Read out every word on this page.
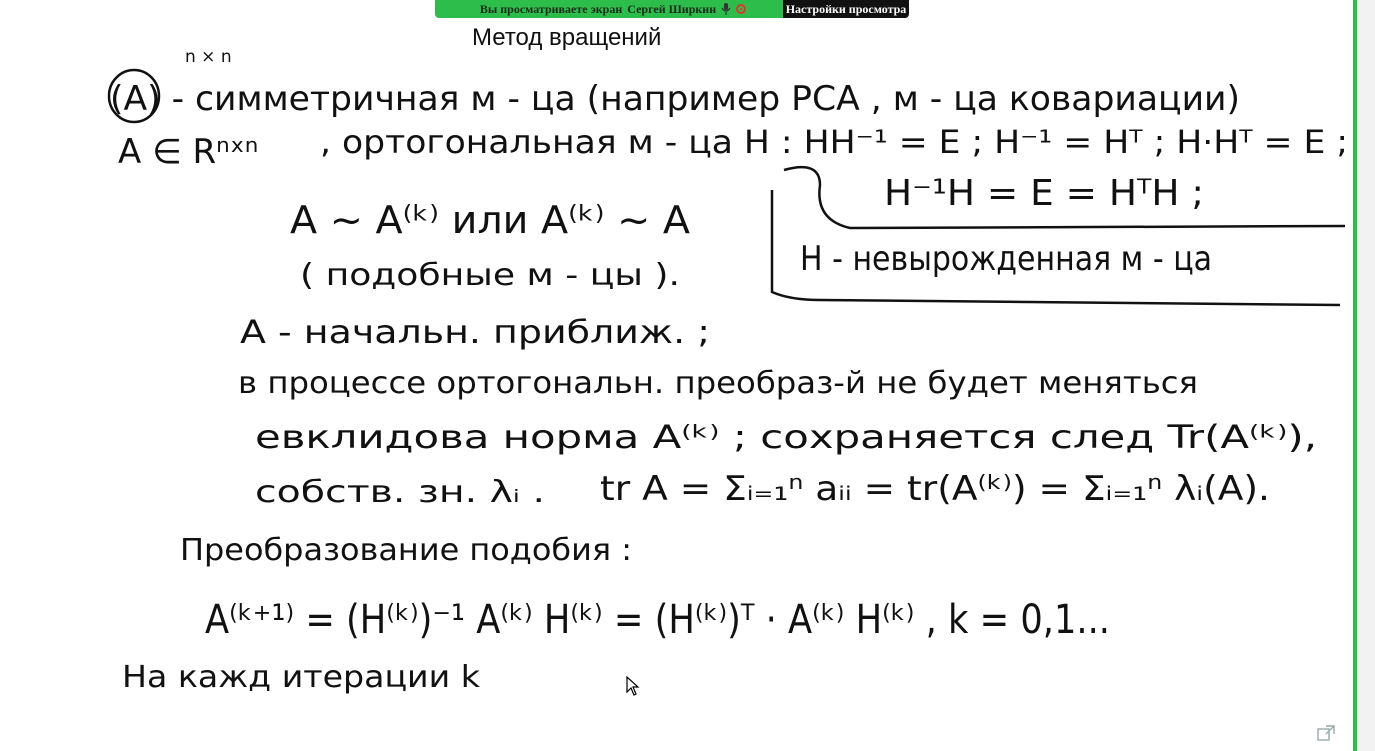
Вы просматриваете экран Сергей Ширкин	Настройки просмотра
Метод вращений
n × n
(A) - симметричная м - ца (например PCA , м - ца ковариации)
A ∈ Rⁿˣⁿ , ортогональная м - ца H : HH⁻¹ = E ; H⁻¹ = Hᵀ ; H·Hᵀ = E ;
H⁻¹H = E = HᵀH ;
H - невырожденная м - ца
A ~ A⁽ᵏ⁾ или A⁽ᵏ⁾ ~ A
( подобные м - цы ).
A - начальн. приближ. ;
в процессе ортогональн. преобраз-й не будет меняться
евклидова норма A⁽ᵏ⁾ ; сохраняется след Tr(A⁽ᵏ⁾),
собств. зн. λᵢ . tr A = Σᵢ₌₁ⁿ aᵢᵢ = tr(A⁽ᵏ⁾) = Σᵢ₌₁ⁿ λᵢ(A).
Преобразование подобия :
A⁽ᵏ⁺¹⁾ = (H⁽ᵏ⁾)⁻¹ A⁽ᵏ⁾ H⁽ᵏ⁾ = (H⁽ᵏ⁾)ᵀ · A⁽ᵏ⁾ H⁽ᵏ⁾ , k = 0,1...
На кажд итерации k
